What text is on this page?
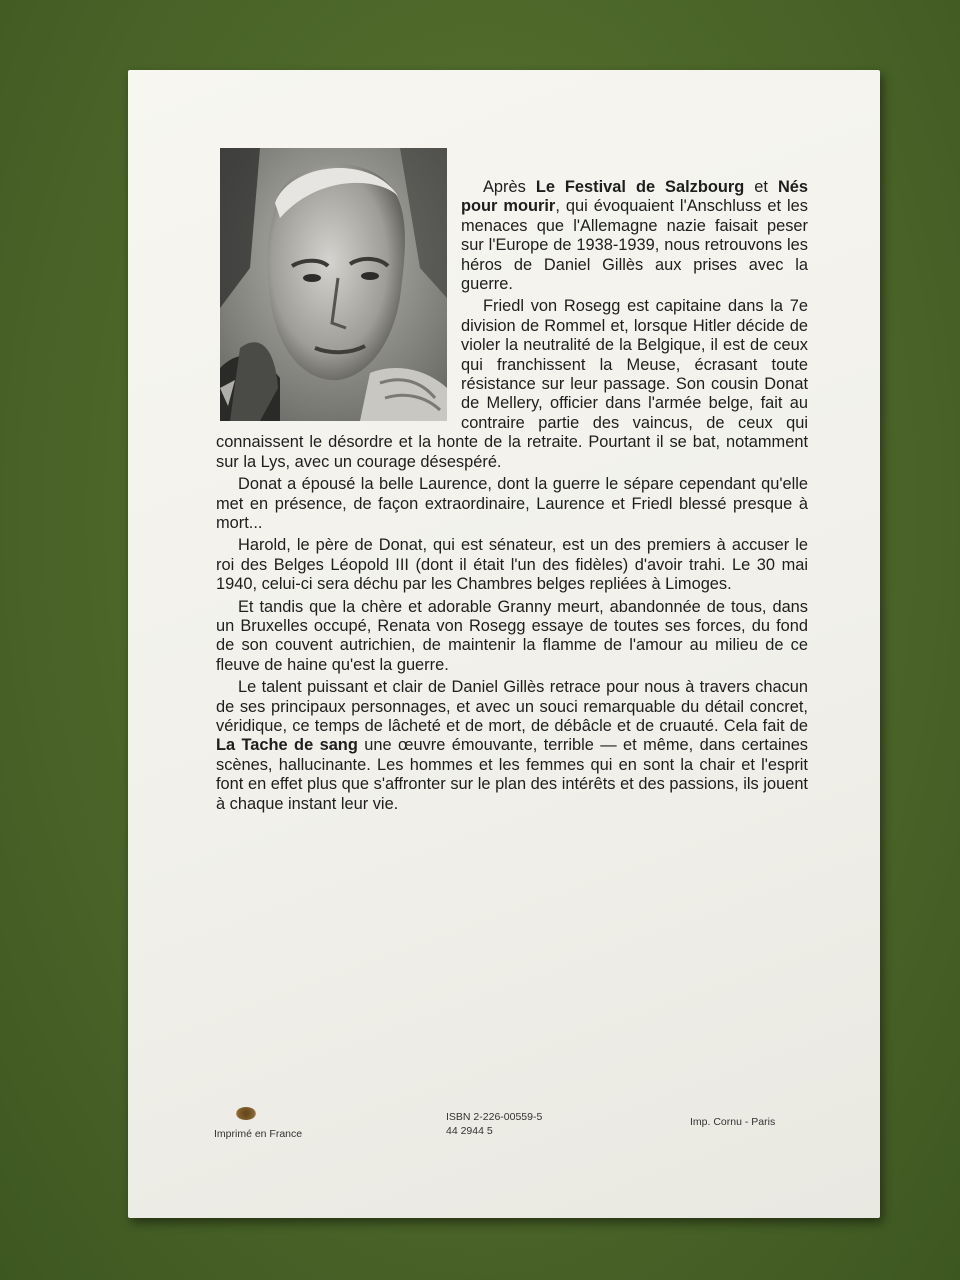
Après Le Festival de Salzbourg et Nés pour mourir, qui évoquaient l'Anschluss et les menaces que l'Allemagne nazie faisait peser sur l'Europe de 1938-1939, nous retrouvons les héros de Daniel Gillès aux prises avec la guerre.

Friedl von Rosegg est capitaine dans la 7e division de Rommel et, lorsque Hitler décide de violer la neutralité de la Belgique, il est de ceux qui franchissent la Meuse, écrasant toute résistance sur leur passage. Son cousin Donat de Mellery, officier dans l'armée belge, fait au contraire partie des vaincus, de ceux qui connaissent le désordre et la honte de la retraite. Pourtant il se bat, notamment sur la Lys, avec un courage désespéré.

Donat a épousé la belle Laurence, dont la guerre le sépare cependant qu'elle met en présence, de façon extraordinaire, Laurence et Friedl blessé presque à mort...

Harold, le père de Donat, qui est sénateur, est un des premiers à accuser le roi des Belges Léopold III (dont il était l'un des fidèles) d'avoir trahi. Le 30 mai 1940, celui-ci sera déchu par les Chambres belges repliées à Limoges.

Et tandis que la chère et adorable Granny meurt, abandonnée de tous, dans un Bruxelles occupé, Renata von Rosegg essaye de toutes ses forces, du fond de son couvent autrichien, de maintenir la flamme de l'amour au milieu de ce fleuve de haine qu'est la guerre.

Le talent puissant et clair de Daniel Gillès retrace pour nous à travers chacun de ses principaux personnages, et avec un souci remarquable du détail concret, véridique, ce temps de lâcheté et de mort, de débâcle et de cruauté. Cela fait de La Tache de sang une œuvre émouvante, terrible — et même, dans certaines scènes, hallucinante. Les hommes et les femmes qui en sont la chair et l'esprit font en effet plus que s'affronter sur le plan des intérêts et des passions, ils jouent à chaque instant leur vie.

Imprimé en France
ISBN 2-226-00559-5
44 2944 5
Imp. Cornu - Paris
